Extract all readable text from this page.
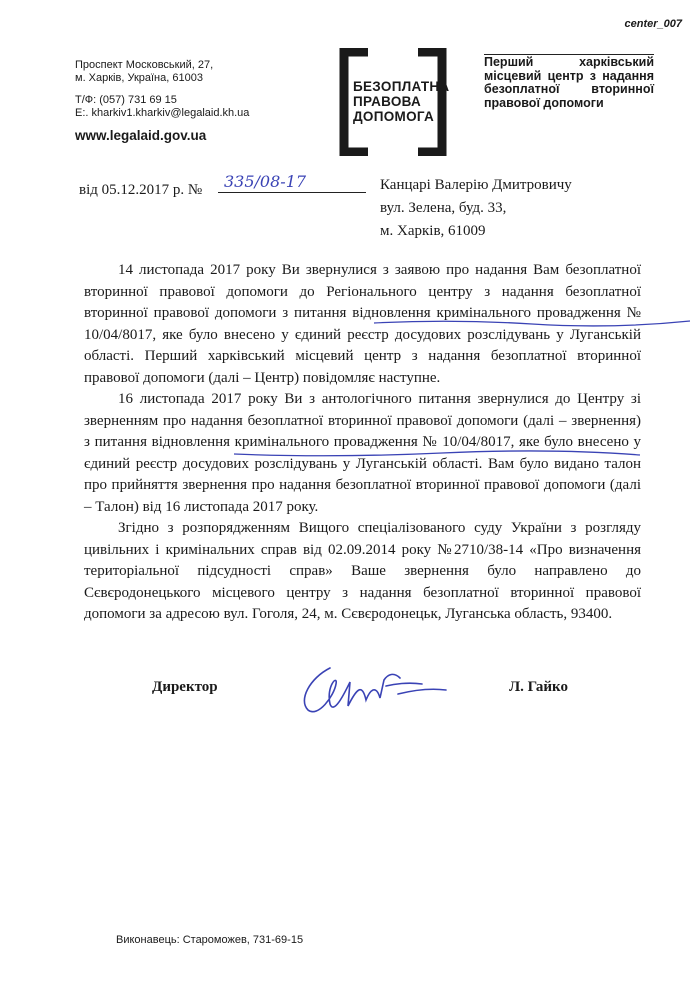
center_007
Проспект Московський, 27,
м. Харків, Україна, 61003
Т/Ф: (057) 731 69 15
E:. kharkiv1.kharkiv@legalaid.kh.ua
www.legalaid.gov.ua
БЕЗОПЛАТНА
ПРАВОВА
ДОПОМОГА
Перший харківський місцевий центр з надання безоплатної вторинної правової допомоги
від 05.12.2017 р. № 335/08-17	Канцарі Валерію Дмитровичу
вул. Зелена, буд. 33,
м. Харків, 61009

14 листопада 2017 року Ви звернулися з заявою про надання Вам безоплатної вторинної правової допомоги до Регіонального центру з надання безоплатної вторинної правової допомоги з питання відновлення кримінального провадження № 10/04/8017, яке було внесено у єдиний реєстр досудових розслідувань у Луганській області. Перший харківський місцевий центр з надання безоплатної вторинної правової допомоги (далі – Центр) повідомляє наступне.

16 листопада 2017 року Ви з антологічного питання звернулися до Центру зі зверненням про надання безоплатної вторинної правової допомоги (далі – звернення) з питання відновлення кримінального провадження № 10/04/8017, яке було внесено у єдиний реєстр досудових розслідувань у Луганській області. Вам було видано талон про прийняття звернення про надання безоплатної вторинної правової допомоги (далі – Талон) від 16 листопада 2017 року.

Згідно з розпорядженням Вищого спеціалізованого суду України з розгляду цивільних і кримінальних справ від 02.09.2014 року №2710/38-14 «Про визначення територіальної підсудності справ» Ваше звернення було направлено до Сєвєродонецького місцевого центру з надання безоплатної вторинної правової допомоги за адресою вул. Гоголя, 24, м. Сєвєродонецьк, Луганська область, 93400.

Директор	Л. Гайко
Виконавець: Староможев, 731-69-15
